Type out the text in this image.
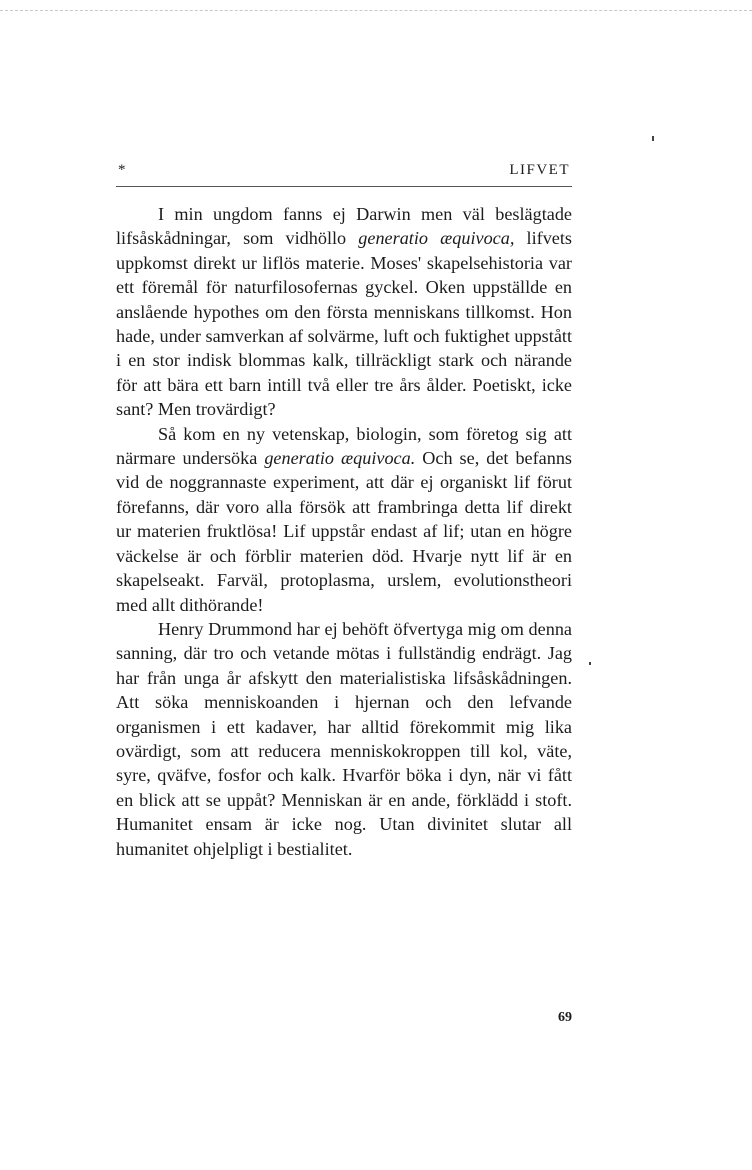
*	LIFVET

I min ungdom fanns ej Darwin men väl beslägtade lifsåskådningar, som vidhöllo generatio æquivoca, lifvets uppkomst direkt ur liflös materie. Moses' skapelsehistoria var ett föremål för naturfilosofernas gyckel. Oken uppställde en anslående hypothes om den första menniskans tillkomst. Hon hade, under samverkan af solvärme, luft och fuktighet uppstått i en stor indisk blommas kalk, tillräckligt stark och närande för att bära ett barn intill två eller tre års ålder. Poetiskt, icke sant? Men trovärdigt?

Så kom en ny vetenskap, biologin, som företog sig att närmare undersöka generatio æquivoca. Och se, det befanns vid de noggrannaste experiment, att där ej organiskt lif förut förefanns, där voro alla försök att frambringa detta lif direkt ur materien fruktlösa! Lif uppstår endast af lif; utan en högre väckelse är och förblir materien död. Hvarje nytt lif är en skapelseakt. Farväl, protoplasma, urslem, evolutionstheori med allt dithörande!

Henry Drummond har ej behöft öfvertyga mig om denna sanning, där tro och vetande mötas i fullständig endrägt. Jag har från unga år afskytt den materialistiska lifsåskådningen. Att söka menniskoanden i hjernan och den lefvande organismen i ett kadaver, har alltid förekommit mig lika ovärdigt, som att reducera menniskokroppen till kol, väte, syre, qväfve, fosfor och kalk. Hvarför böka i dyn, när vi fått en blick att se uppåt? Menniskan är en ande, förklädd i stoft. Humanitet ensam är icke nog. Utan divinitet slutar all humanitet ohjelpligt i bestialitet.

69
